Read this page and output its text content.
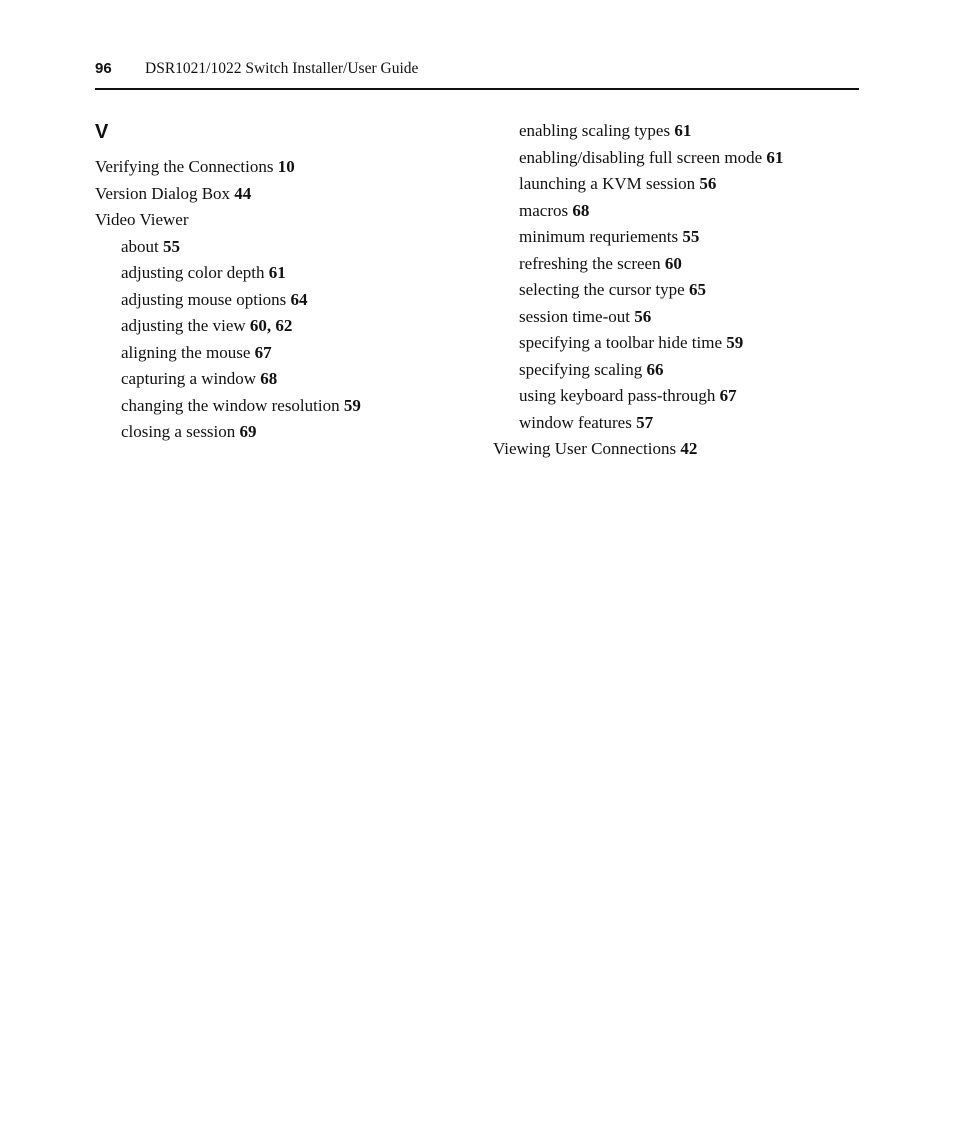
96 DSR1021/1022 Switch Installer/User Guide
V
Verifying the Connections 10
Version Dialog Box 44
Video Viewer
about 55
adjusting color depth 61
adjusting mouse options 64
adjusting the view 60, 62
aligning the mouse 67
capturing a window 68
changing the window resolution 59
closing a session 69
enabling scaling types 61
enabling/disabling full screen mode 61
launching a KVM session 56
macros 68
minimum requriements 55
refreshing the screen 60
selecting the cursor type 65
session time-out 56
specifying a toolbar hide time 59
specifying scaling 66
using keyboard pass-through 67
window features 57
Viewing User Connections 42
